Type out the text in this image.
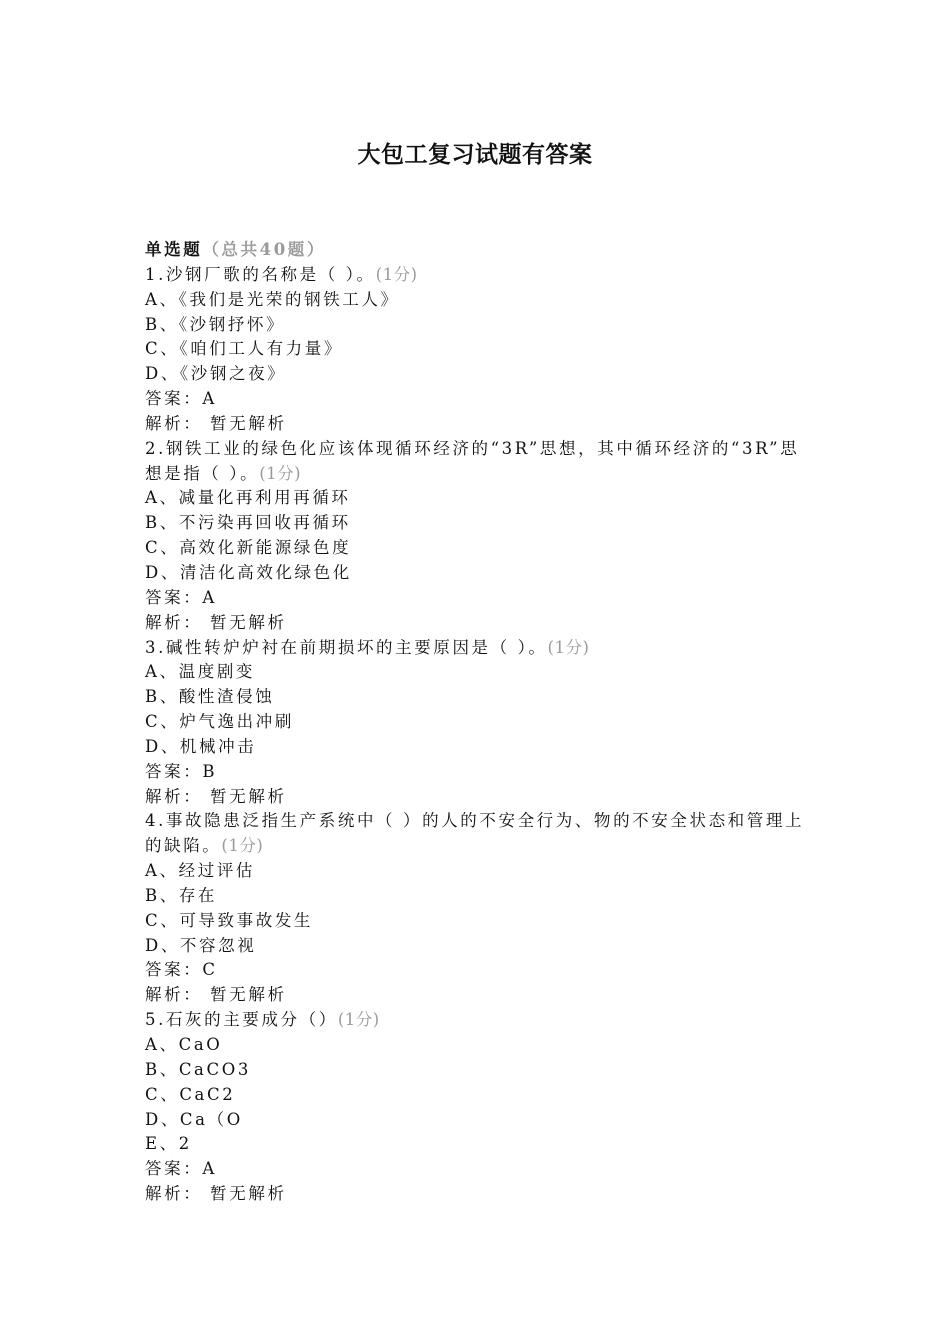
大包工复习试题有答案
单选题（总共40题）
1.沙钢厂歌的名称是（ ）。(1分)
A、《我们是光荣的钢铁工人》
B、《沙钢抒怀》
C、《咱们工人有力量》
D、《沙钢之夜》
答案：A
解析： 暂无解析
2.钢铁工业的绿色化应该体现循环经济的“3R”思想，其中循环经济的“3R”思想是指（ ）。(1分)
A、减量化再利用再循环
B、不污染再回收再循环
C、高效化新能源绿色度
D、清洁化高效化绿色化
答案：A
解析： 暂无解析
3.碱性转炉炉衬在前期损坏的主要原因是（ ）。(1分)
A、温度剧变
B、酸性渣侵蚀
C、炉气逸出冲刷
D、机械冲击
答案：B
解析： 暂无解析
4.事故隐患泛指生产系统中（ ）的人的不安全行为、物的不安全状态和管理上的缺陷。(1分)
A、经过评估
B、存在
C、可导致事故发生
D、不容忽视
答案：C
解析： 暂无解析
5.石灰的主要成分（）(1分)
A、CaO
B、CaCO3
C、CaC2
D、Ca（O
E、2
答案：A
解析： 暂无解析
